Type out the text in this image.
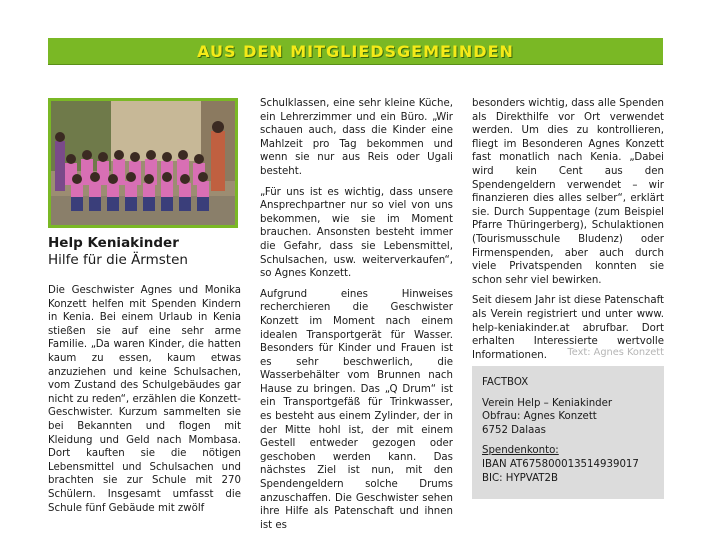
AUS DEN MITGLIEDSGEMEINDEN
Help Keniakinder
Hilfe für die Ärmsten

Die Geschwister Agnes und Monika Konzett helfen mit Spenden Kindern in Kenia. Bei einem Urlaub in Kenia stießen sie auf eine sehr arme Familie. „Da waren Kinder, die hatten kaum zu essen, kaum etwas anzuziehen und keine Schulsachen, vom Zustand des Schulgebäudes gar nicht zu reden“, erzählen die Konzett-Geschwister. Kurzum sammelten sie bei Bekannten und flogen mit Kleidung und Geld nach Mombasa. Dort kauften sie die nötigen Lebensmittel und Schulsachen und brachten sie zur Schule mit 270 Schülern. Insgesamt umfasst die Schule fünf Gebäude mit zwölf

Schulklassen, eine sehr kleine Küche, ein Lehrerzimmer und ein Büro. „Wir schauen auch, dass die Kinder eine Mahlzeit pro Tag bekommen und wenn sie nur aus Reis oder Ugali besteht.

„Für uns ist es wichtig, dass unsere Ansprechpartner nur so viel von uns bekommen, wie sie im Moment brauchen. Ansonsten besteht immer die Gefahr, dass sie Lebensmittel, Schulsachen, usw. weiterverkaufen“, so Agnes Konzett.

Aufgrund eines Hinweises recherchieren die Geschwister Konzett im Moment nach einem idealen Transportgerät für Wasser. Besonders für Kinder und Frauen ist es sehr beschwerlich, die Wasserbehälter vom Brunnen nach Hause zu bringen. Das „Q Drum“ ist ein Transportgefäß für Trinkwasser, es besteht aus einem Zylinder, der in der Mitte hohl ist, der mit einem Gestell entweder gezogen oder geschoben werden kann. Das nächstes Ziel ist nun, mit den Spendengeldern solche Drums anzuschaffen. Die Geschwister sehen ihre Hilfe als Patenschaft und ihnen ist es

besonders wichtig, dass alle Spenden als Direkthilfe vor Ort verwendet werden. Um dies zu kontrollieren, fliegt im Besonderen Agnes Konzett fast monatlich nach Kenia. „Dabei wird kein Cent aus den Spendengeldern verwendet – wir finanzieren dies alles selber“, erklärt sie. Durch Suppentage (zum Beispiel Pfarre Thüringerberg), Schulaktionen (Tourismusschule Bludenz) oder Firmenspenden, aber auch durch viele Privatspenden konnten sie schon sehr viel bewirken.

Seit diesem Jahr ist diese Patenschaft als Verein registriert und unter www. help-keniakinder.at abrufbar. Dort erhalten Interessierte wertvolle Informationen.	Text: Agnes Konzett
FACTBOX
Verein Help – Keniakinder
Obfrau: Agnes Konzett
6752 Dalaas
Spendenkonto:
IBAN AT675800013514939017
BIC: HYPVAT2B
